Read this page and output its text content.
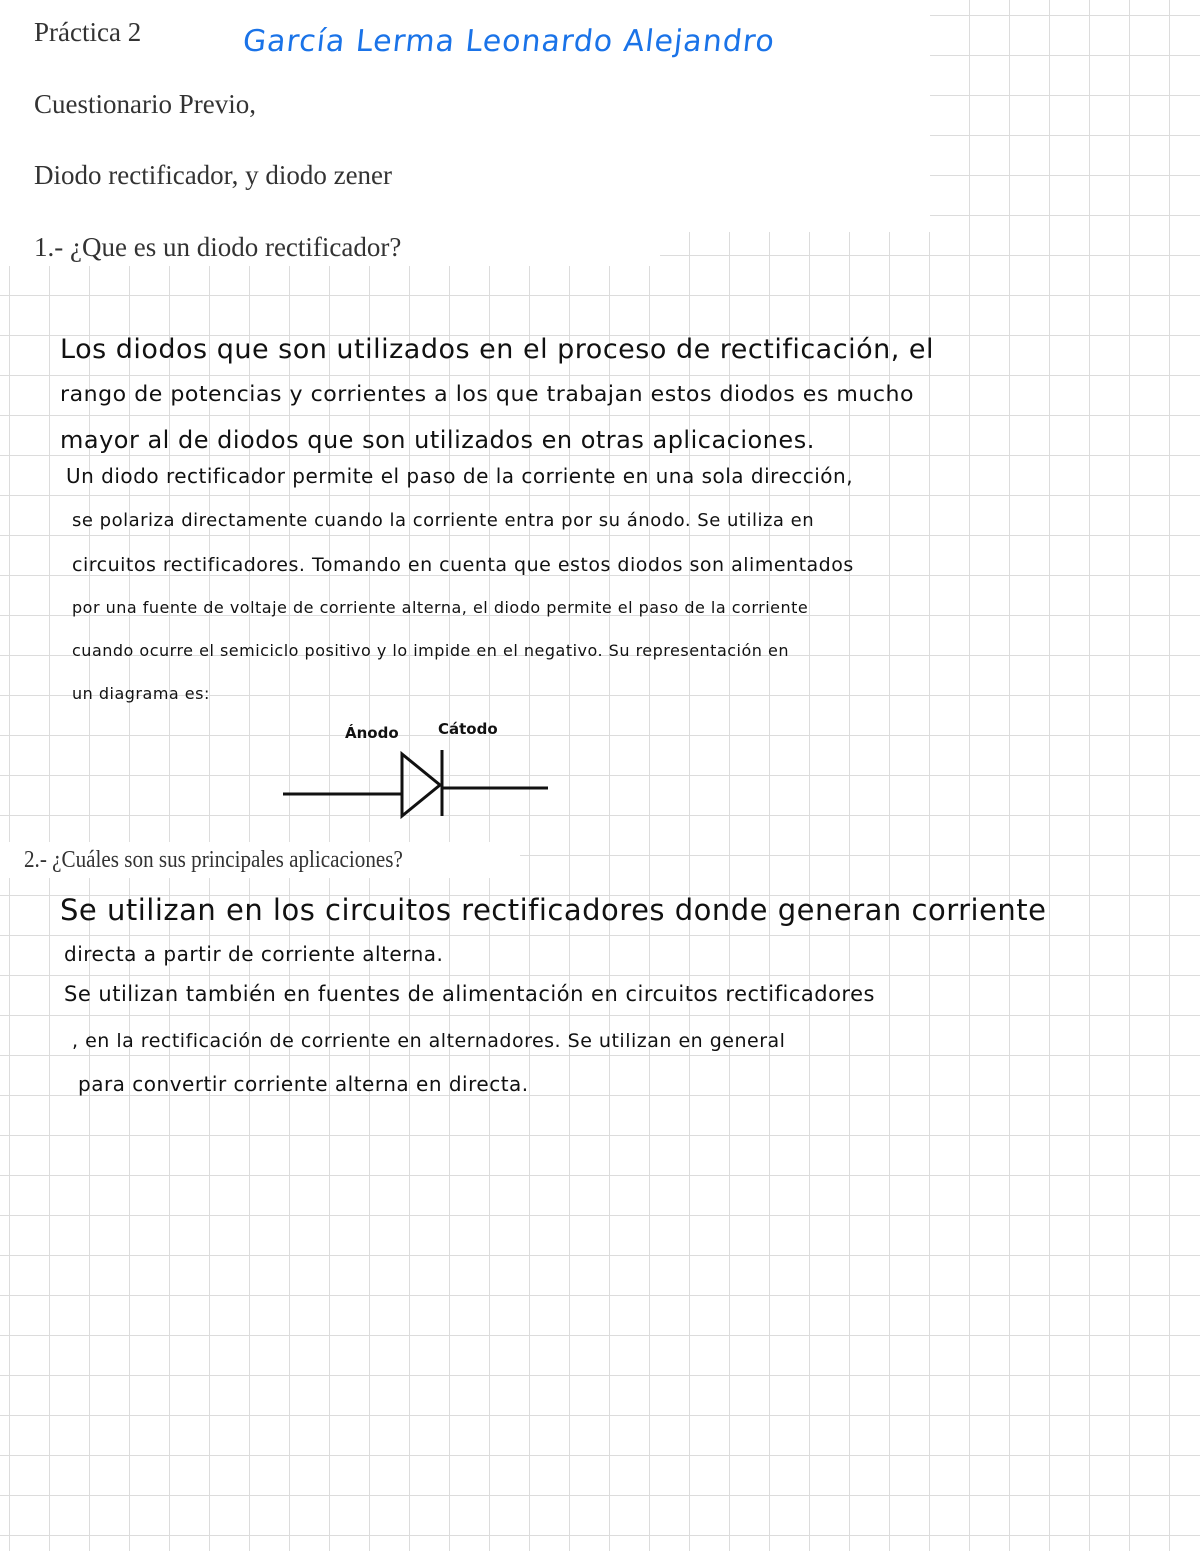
Práctica 2	García Lerma Leonardo Alejandro
Cuestionario Previo,
Diodo rectificador, y diodo zener
1.- ¿Que es un diodo rectificador?
Los diodos que son utilizados en el proceso de rectificación, el
rango de potencias y corrientes a los que trabajan estos diodos es mucho
mayor al de diodos que son utilizados en otras aplicaciones.
Un diodo rectificador permite el paso de la corriente en una sola dirección,
se polariza directamente cuando la corriente entra por su ánodo. Se utiliza en
circuitos rectificadores. Tomando en cuenta que estos diodos son alimentados
por una fuente de voltaje de corriente alterna, el diodo permite el paso de la corriente
cuando ocurre el semiciclo positivo y lo impide en el negativo. Su representación en
un diagrama es:
Ánodo	Cátodo
2.- ¿Cuáles son sus principales aplicaciones?
Se utilizan en los circuitos rectificadores donde generan corriente
directa a partir de corriente alterna.
Se utilizan también en fuentes de alimentación en circuitos rectificadores
, en la rectificación de corriente en alternadores. Se utilizan en general
para convertir corriente alterna en directa.
